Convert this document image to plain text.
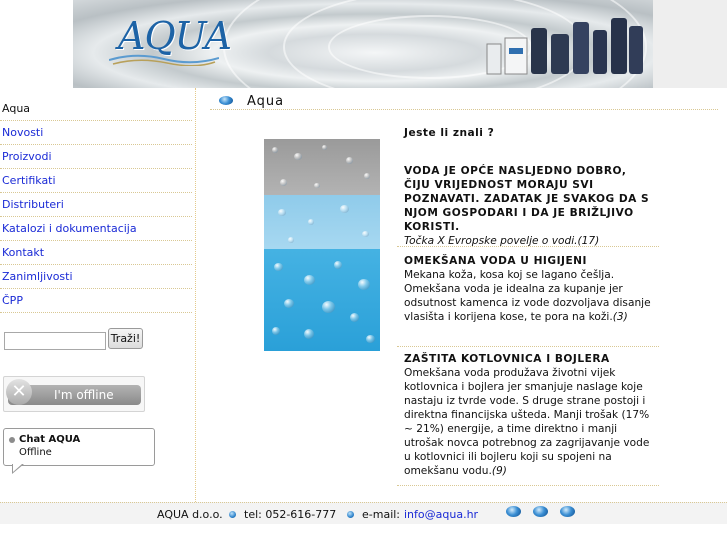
AQUA
Aqua
Novosti
Proizvodi
Certifikati
Distributeri
Katalozi i dokumentacija
Kontakt
Zanimljivosti
ČPP
Traži!
✕	I'm offline
Chat AQUA
Offline
Aqua
Jeste li znali ?
VODA JE OPĆE NASLJEDNO DOBRO, ČIJU VRIJEDNOST MORAJU SVI POZNAVATI. ZADATAK JE SVAKOG DA S NJOM GOSPODARI I DA JE BRIŽLJIVO KORISTI.
Točka X Evropske povelje o vodi.(17)
OMEKŠANA VODA U HIGIJENI
Mekana koža, kosa koj se lagano češlja. Omekšana voda je idealna za kupanje jer odsutnost kamenca iz vode dozvoljava disanje vlasišta i korijena kose, te pora na koži.(3)
ZAŠTITA KOTLOVNICA I BOJLERA
Omekšana voda produžava životni vijek kotlovnica i bojlera jer smanjuje naslage koje nastaju iz tvrde vode. S druge strane postoji i direktna financijska ušteda. Manji trošak (17% ~ 21%) energije, a time direktno i manji utrošak novca potrebnog za zagrijavanje vode u kotlovnici ili bojleru koji su spojeni na omekšanu vodu.(9)
AQUA d.o.o. tel: 052-616-777 e-mail: info@aqua.hr
